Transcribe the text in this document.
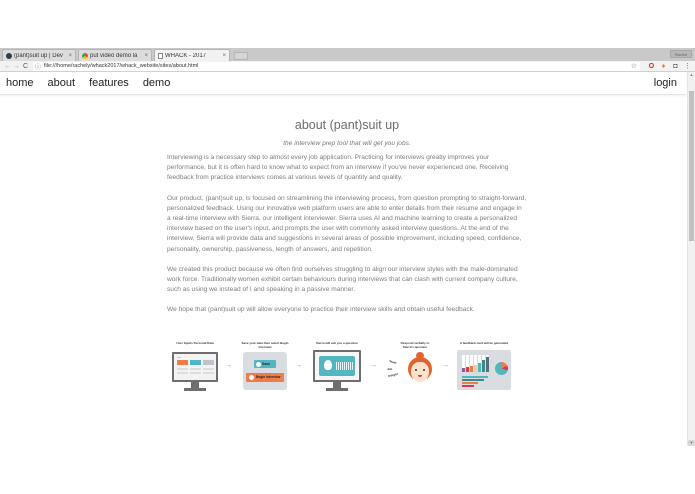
(pant)suit up | Dev ×	put video demo la	×	WHACK - 2017	×	Rachel
← → C	ⓘ file:///home/rachely/whack2017/whack_website/sites/about.html	☆ O	♦	◘ ⋮
home about features demo	login
▲
▼
about (pant)suit up

the interview prep tool that will get you jobs.

Interviewing is a necessary step to almost every job application. Practicing for interviews greatly improves your performance, but it is often hard to know what to expect from an interview if you've never experienced one. Receiving feedback from practice interviews comes at various levels of quantity and quality.

Our product, (pant)suit up, is focused on streamlining the interviewing process, from question prompting to straight-forward, personalized feedback. Using our innovative web platform users are able to enter details from their resume and engage in a real-time interview with Sierra, our intelligent interviewer. Sierra uses AI and machine learning to create a personalized interview based on the user's input, and prompts the user with commonly asked interview questions. At the end of the interview, Sierra will provide data and suggestions in several areas of possible improvement, including speed, confidence, personality, ownership, passiveness, length of answers, and repetition.

We created this product because we often find ourselves struggling to align our interview styles with the male-dominated work force. Traditionally women exhibit certain behaviours during interviews that can clash with current company culture, such as using we instead of I and speaking in a passive manner.

We hope that (pant)suit up will allow everyone to practice their interview skills and obtain useful feedback.

User Inputs Personal Data
→
Save your data then select Begin interview
Save
Begin Interview
→
Sierra will ask you a question
→
Respond verbally to Sierra's question
Team
Job
Insight
→
A feedback card will be generated
